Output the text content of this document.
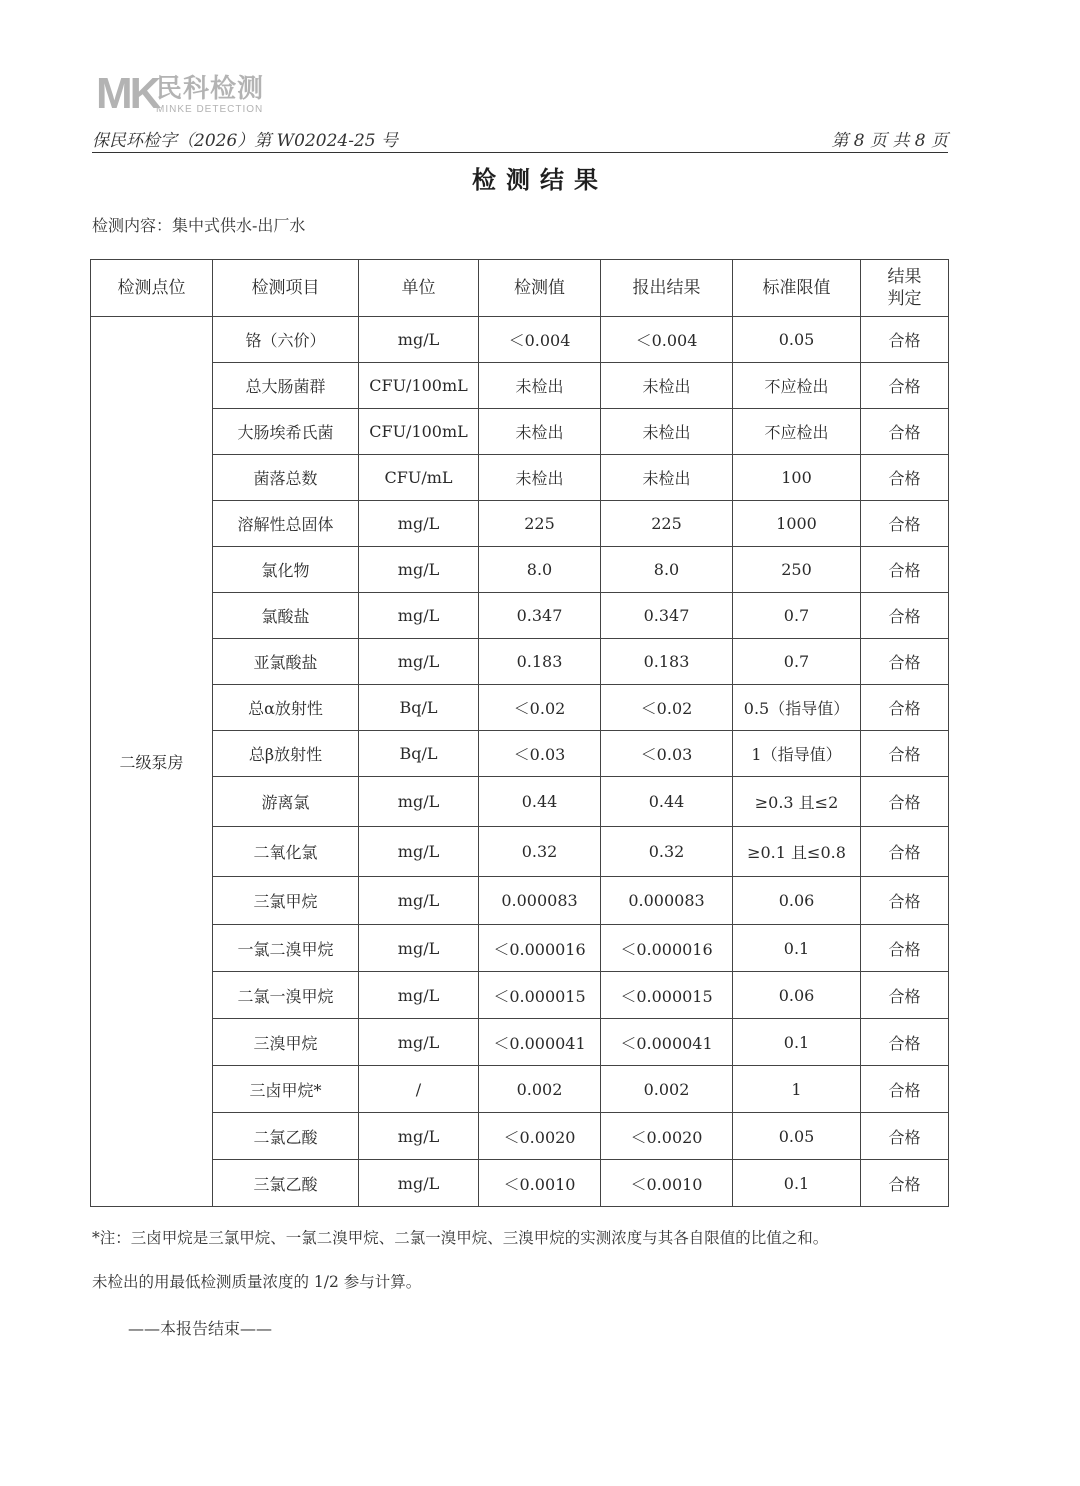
MK
民科检测
MINKE DETECTION
保民环检字（2026）第 W02024-25 号	第 8 页 共 8 页
检测结果
检测内容：集中式供水-出厂水
检测点位	检测项目	单位	检测值	报出结果	标准限值	结果
判定
二级泵房	铬（六价）	mg/L	＜0.004	＜0.004	0.05	合格
	总大肠菌群	CFU/100mL	未检出	未检出	不应检出	合格
	大肠埃希氏菌	CFU/100mL	未检出	未检出	不应检出	合格
	菌落总数	CFU/mL	未检出	未检出	100	合格
	溶解性总固体	mg/L	225	225	1000	合格
	氯化物	mg/L	8.0	8.0	250	合格
	氯酸盐	mg/L	0.347	0.347	0.7	合格
	亚氯酸盐	mg/L	0.183	0.183	0.7	合格
	总α放射性	Bq/L	＜0.02	＜0.02	0.5（指导值）	合格
	总β放射性	Bq/L	＜0.03	＜0.03	1（指导值）	合格
	游离氯	mg/L	0.44	0.44	≥0.3 且≤2	合格
	二氧化氯	mg/L	0.32	0.32	≥0.1 且≤0.8	合格
	三氯甲烷	mg/L	0.000083	0.000083	0.06	合格
	一氯二溴甲烷	mg/L	＜0.000016	＜0.000016	0.1	合格
	二氯一溴甲烷	mg/L	＜0.000015	＜0.000015	0.06	合格
	三溴甲烷	mg/L	＜0.000041	＜0.000041	0.1	合格
	三卤甲烷*	/	0.002	0.002	1	合格
	二氯乙酸	mg/L	＜0.0020	＜0.0020	0.05	合格
	三氯乙酸	mg/L	＜0.0010	＜0.0010	0.1	合格
*注：三卤甲烷是三氯甲烷、一氯二溴甲烷、二氯一溴甲烷、三溴甲烷的实测浓度与其各自限值的比值之和。
未检出的用最低检测质量浓度的 1/2 参与计算。
——本报告结束——
